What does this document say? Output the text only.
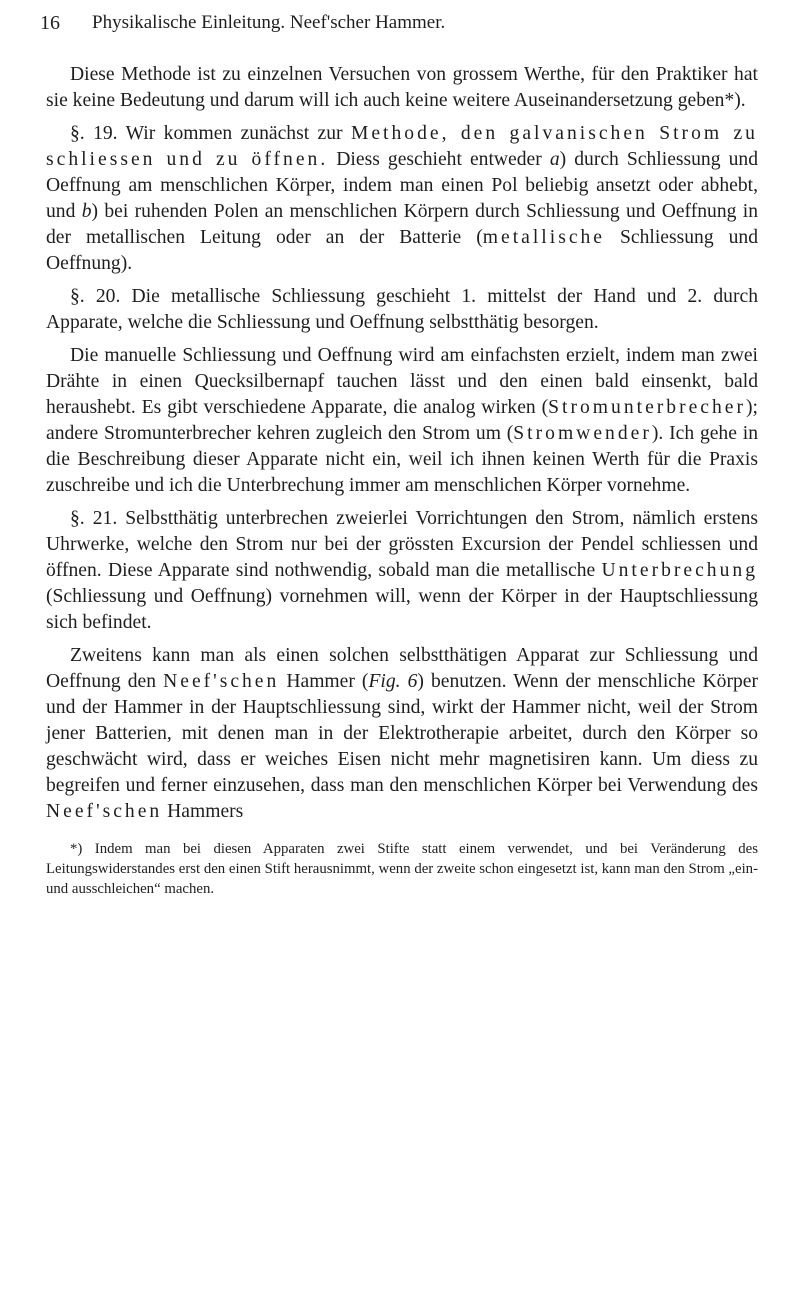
16 Physikalische Einleitung. Neef'scher Hammer.

Diese Methode ist zu einzelnen Versuchen von grossem Werthe, für den Praktiker hat sie keine Bedeutung und darum will ich auch keine weitere Auseinandersetzung geben*).

§. 19. Wir kommen zunächst zur Methode, den galvanischen Strom zu schliessen und zu öffnen. Diess geschieht entweder a) durch Schliessung und Oeffnung am menschlichen Körper, indem man einen Pol beliebig ansetzt oder abhebt, und b) bei ruhenden Polen an menschlichen Körpern durch Schliessung und Oeffnung in der metallischen Leitung oder an der Batterie (metallische Schliessung und Oeffnung).

§. 20. Die metallische Schliessung geschieht 1. mittelst der Hand und 2. durch Apparate, welche die Schliessung und Oeffnung selbstthätig besorgen.

Die manuelle Schliessung und Oeffnung wird am einfachsten erzielt, indem man zwei Drähte in einen Quecksilbernapf tauchen lässt und den einen bald einsenkt, bald heraushebt. Es gibt verschiedene Apparate, die analog wirken (Stromunterbrecher); andere Stromunterbrecher kehren zugleich den Strom um (Stromwender). Ich gehe in die Beschreibung dieser Apparate nicht ein, weil ich ihnen keinen Werth für die Praxis zuschreibe und ich die Unterbrechung immer am menschlichen Körper vornehme.

§. 21. Selbstthätig unterbrechen zweierlei Vorrichtungen den Strom, nämlich erstens Uhrwerke, welche den Strom nur bei der grössten Excursion der Pendel schliessen und öffnen. Diese Apparate sind nothwendig, sobald man die metallische Unterbrechung (Schliessung und Oeffnung) vornehmen will, wenn der Körper in der Hauptschliessung sich befindet.

Zweitens kann man als einen solchen selbstthätigen Apparat zur Schliessung und Oeffnung den Neef'schen Hammer (Fig. 6) benutzen. Wenn der menschliche Körper und der Hammer in der Hauptschliessung sind, wirkt der Hammer nicht, weil der Strom jener Batterien, mit denen man in der Elektrotherapie arbeitet, durch den Körper so geschwächt wird, dass er weiches Eisen nicht mehr magnetisiren kann. Um diess zu begreifen und ferner einzusehen, dass man den menschlichen Körper bei Verwendung des Neef'schen Hammers

*) Indem man bei diesen Apparaten zwei Stifte statt einem verwendet, und bei Veränderung des Leitungswiderstandes erst den einen Stift herausnimmt, wenn der zweite schon eingesetzt ist, kann man den Strom „ein- und ausschleichen“ machen.
